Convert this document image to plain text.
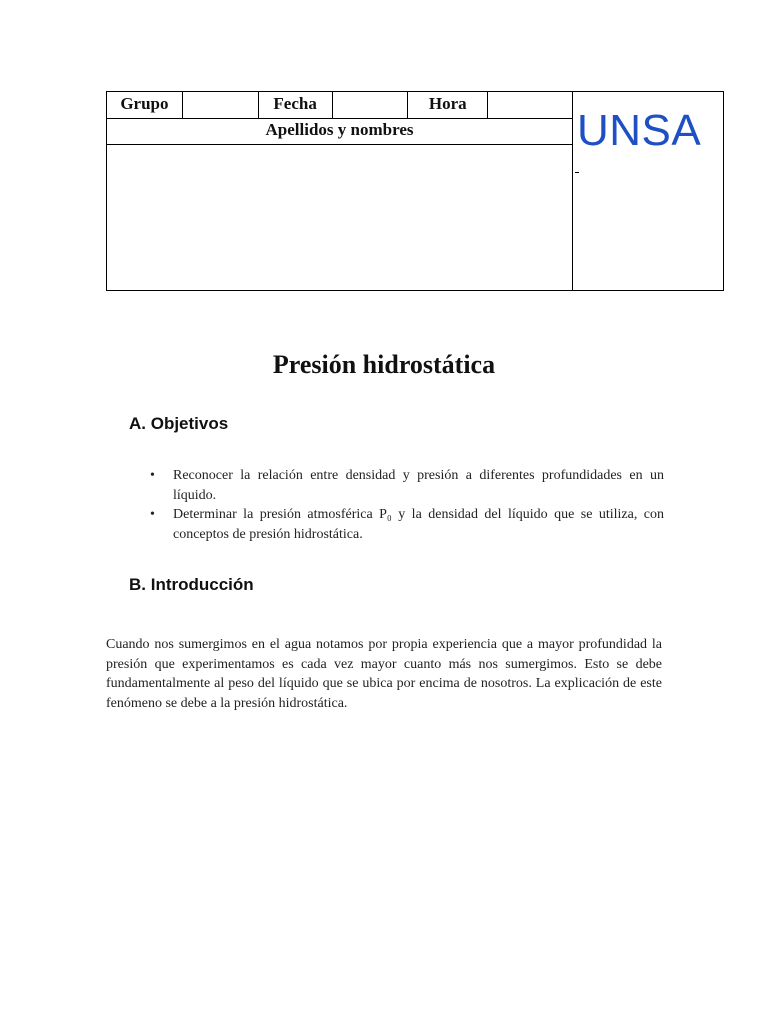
Grupo	Fecha	Hora
Apellidos y nombres	UNSA
Presión hidrostática
A. Objetivos
• Reconocer la relación entre densidad y presión a diferentes profundidades en un líquido.
• Determinar la presión atmosférica P₀ y la densidad del líquido que se utiliza, con conceptos de presión hidrostática.
B. Introducción

Cuando nos sumergimos en el agua notamos por propia experiencia que a mayor profundidad la presión que experimentamos es cada vez mayor cuanto más nos sumergimos. Esto se debe fundamentalmente al peso del líquido que se ubica por encima de nosotros. La explicación de este fenómeno se debe a la presión hidrostática.
